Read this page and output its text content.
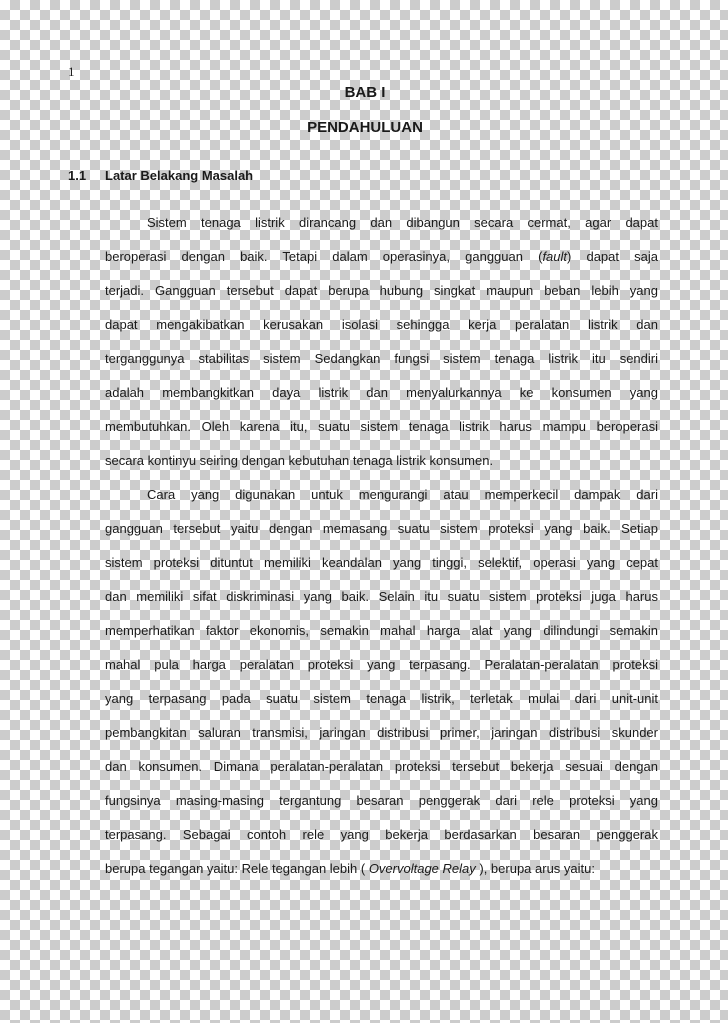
1

BAB I
PENDAHULUAN
1.1 Latar Belakang Masalah

Sistem tenaga listrik dirancang dan dibangun secara cermat, agar dapat
beroperasi dengan baik. Tetapi dalam operasinya, gangguan (fault) dapat saja
terjadi. Gangguan tersebut dapat berupa hubung singkat maupun beban lebih yang
dapat mengakibatkan kerusakan isolasi sehingga kerja peralatan listrik dan
terganggunya stabilitas sistem Sedangkan fungsi sistem tenaga listrik itu sendiri
adalah membangkitkan daya listrik dan menyalurkannya ke konsumen yang
membutuhkan. Oleh karena itu, suatu sistem tenaga listrik harus mampu beroperasi
secara kontinyu seiring dengan kebutuhan tenaga listrik konsumen.

Cara yang digunakan untuk mengurangi atau memperkecil dampak dari
gangguan tersebut yaitu dengan memasang suatu sistem proteksi yang baik. Setiap
sistem proteksi dituntut memiliki keandalan yang tinggi, selektif, operasi yang cepat
dan memiliki sifat diskriminasi yang baik. Selain itu suatu sistem proteksi juga harus
memperhatikan faktor ekonomis, semakin mahal harga alat yang dilindungi semakin
mahal pula harga peralatan proteksi yang terpasang. Peralatan-peralatan proteksi
yang terpasang pada suatu sistem tenaga listrik, terletak mulai dari unit-unit
pembangkitan saluran transmisi, jaringan distribusi primer, jaringan distribusi skunder
dan konsumen. Dimana peralatan-peralatan proteksi tersebut bekerja sesuai dengan
fungsinya masing-masing tergantung besaran penggerak dari rele proteksi yang
terpasang. Sebagai contoh rele yang bekerja berdasarkan besaran penggerak
berupa tegangan yaitu: Rele tegangan lebih ( Overvoltage Relay ), berupa arus yaitu:
